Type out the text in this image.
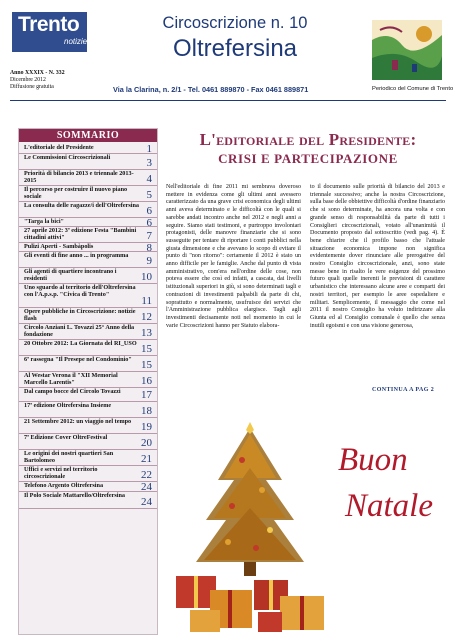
Trento
notizie
Circoscrizione n. 10
Oltrefersina
Anno XXXIX - N. 332
Dicembre 2012
Diffusione gratuita	Via la Clarina, n. 2/1 - Tel. 0461 889870 - Fax 0461 889871	Periodico del Comune di Trento
SOMMARIO
L'editoriale del Presidente	1
Le Commissioni Circoscrizionali	3
Priorità di bilancio 2013 e triennale 2013-2015	4
Il percorso per costruire il nuovo piano sociale	5
La consulta delle ragazze/i dell'Oltrefersina 6
"Targa la bici"	6
27 aprile 2012: 3ª edizione Festa "Bambini cittadini attivi"	7
Pulizi Aperti - Sambàpolis	8
Gli eventi di fine anno ... in programma	9
Gli agenti di quartiere incontrano i residenti	10
Uno sguardo al territorio dell'Oltrefersina con l'A.p.s.p. "Civica di Trento"
11
Opere pubbliche in Circoscrizione: notizie flash	12
Circolo Anziani L. Tovazzi 25° Anno della fondazione	13
20 Ottobre 2012: La Giornata del RI_USO 15
6ª rassegna "Il Presepe nel Condominio" 15
Al Westar Verona il "XII Memorial Marcello Larentis"	16
Dal campo bocce del Circolo Tovazzi	17
17ª edizione Oltrefersina Insieme	18
21 Settembre 2012: un viaggio nel tempo 19
7ª Edizione Cover OltreFestival	20
Le origini dei nostri quartieri San Bartolomeo	21
Uffici e servizi nel territorio circoscrizionale	22
Telefono Argento Oltrefersina	24
Il Polo Sociale Mattarello/Oltrefersina
24
L'editoriale del Presidente:
CRISI E PARTECIPAZIONE
Nell'editoriale di fine 2011 mi sembrava doveroso mettere in evidenza come gli ultimi anni avessero caratterizzato da una grave crisi economica degli ultimi anni aveva determinato e le difficoltà con le quali si sarebbe andati incontro anche nel 2012 e negli anni a seguire. Siamo stati testimoni, e purtroppo involontari protagonisti, delle manovre finanziarie che si sono susseguite per tentare di riportare i conti pubblici nella giusta dimensione e che avevano lo scopo di evitare il punto di "non ritorno": certamente il 2012 è stato un anno difficile per le famiglie. Anche dal punto di vista amministrativo, com'era nell'ordine delle cose, non poteva essere che così ed infatti, a cascata, dai livelli istituzionali superiori in giù, si sono determinati tagli e contrazioni di investimenti palpabili da parte di chi, soprattutto e normalmente, usufruisce dei servizi che l'Amministrazione pubblica elargisce. Tagli agli investimenti decisamente noti nel momento in cui le varie Circoscrizioni hanno per Statuto elabora-
to il documento sulle priorità di bilancio del 2013 e triennale successivo; anche la nostra Circoscrizione, sulla base delle obbiettive difficoltà d'ordine finanziario che si sono determinate, ha ancora una volta e con grande senso di responsabilità da parte di tutti i Consiglieri circoscrizionali, votato all'unanimità il Documento proposto dal sottoscritto (vedi pag. 4). È bene chiarire che il profilo basso che l'attuale situazione economica impone non significa evidentemente dover rinunciare alle prerogative del nostro Consiglio circoscrizionale, anzi, sono state messe bene in risalto le vere esigenze del prossimo futuro quali quelle inerenti le previsioni di carattere urbanistico che interessano alcune aree e comparti dei nostri territori, per esempio le aree ospedaliere e militari. Semplicemente, il messaggio che come nel 2011 il nostro Consiglio ha voluto indirizzare alla Giunta ed al Consiglio comunale è quello che senza inutili egoismi e con una visione generosa,
CONTINUA A PAG 2
Buon
Natale
